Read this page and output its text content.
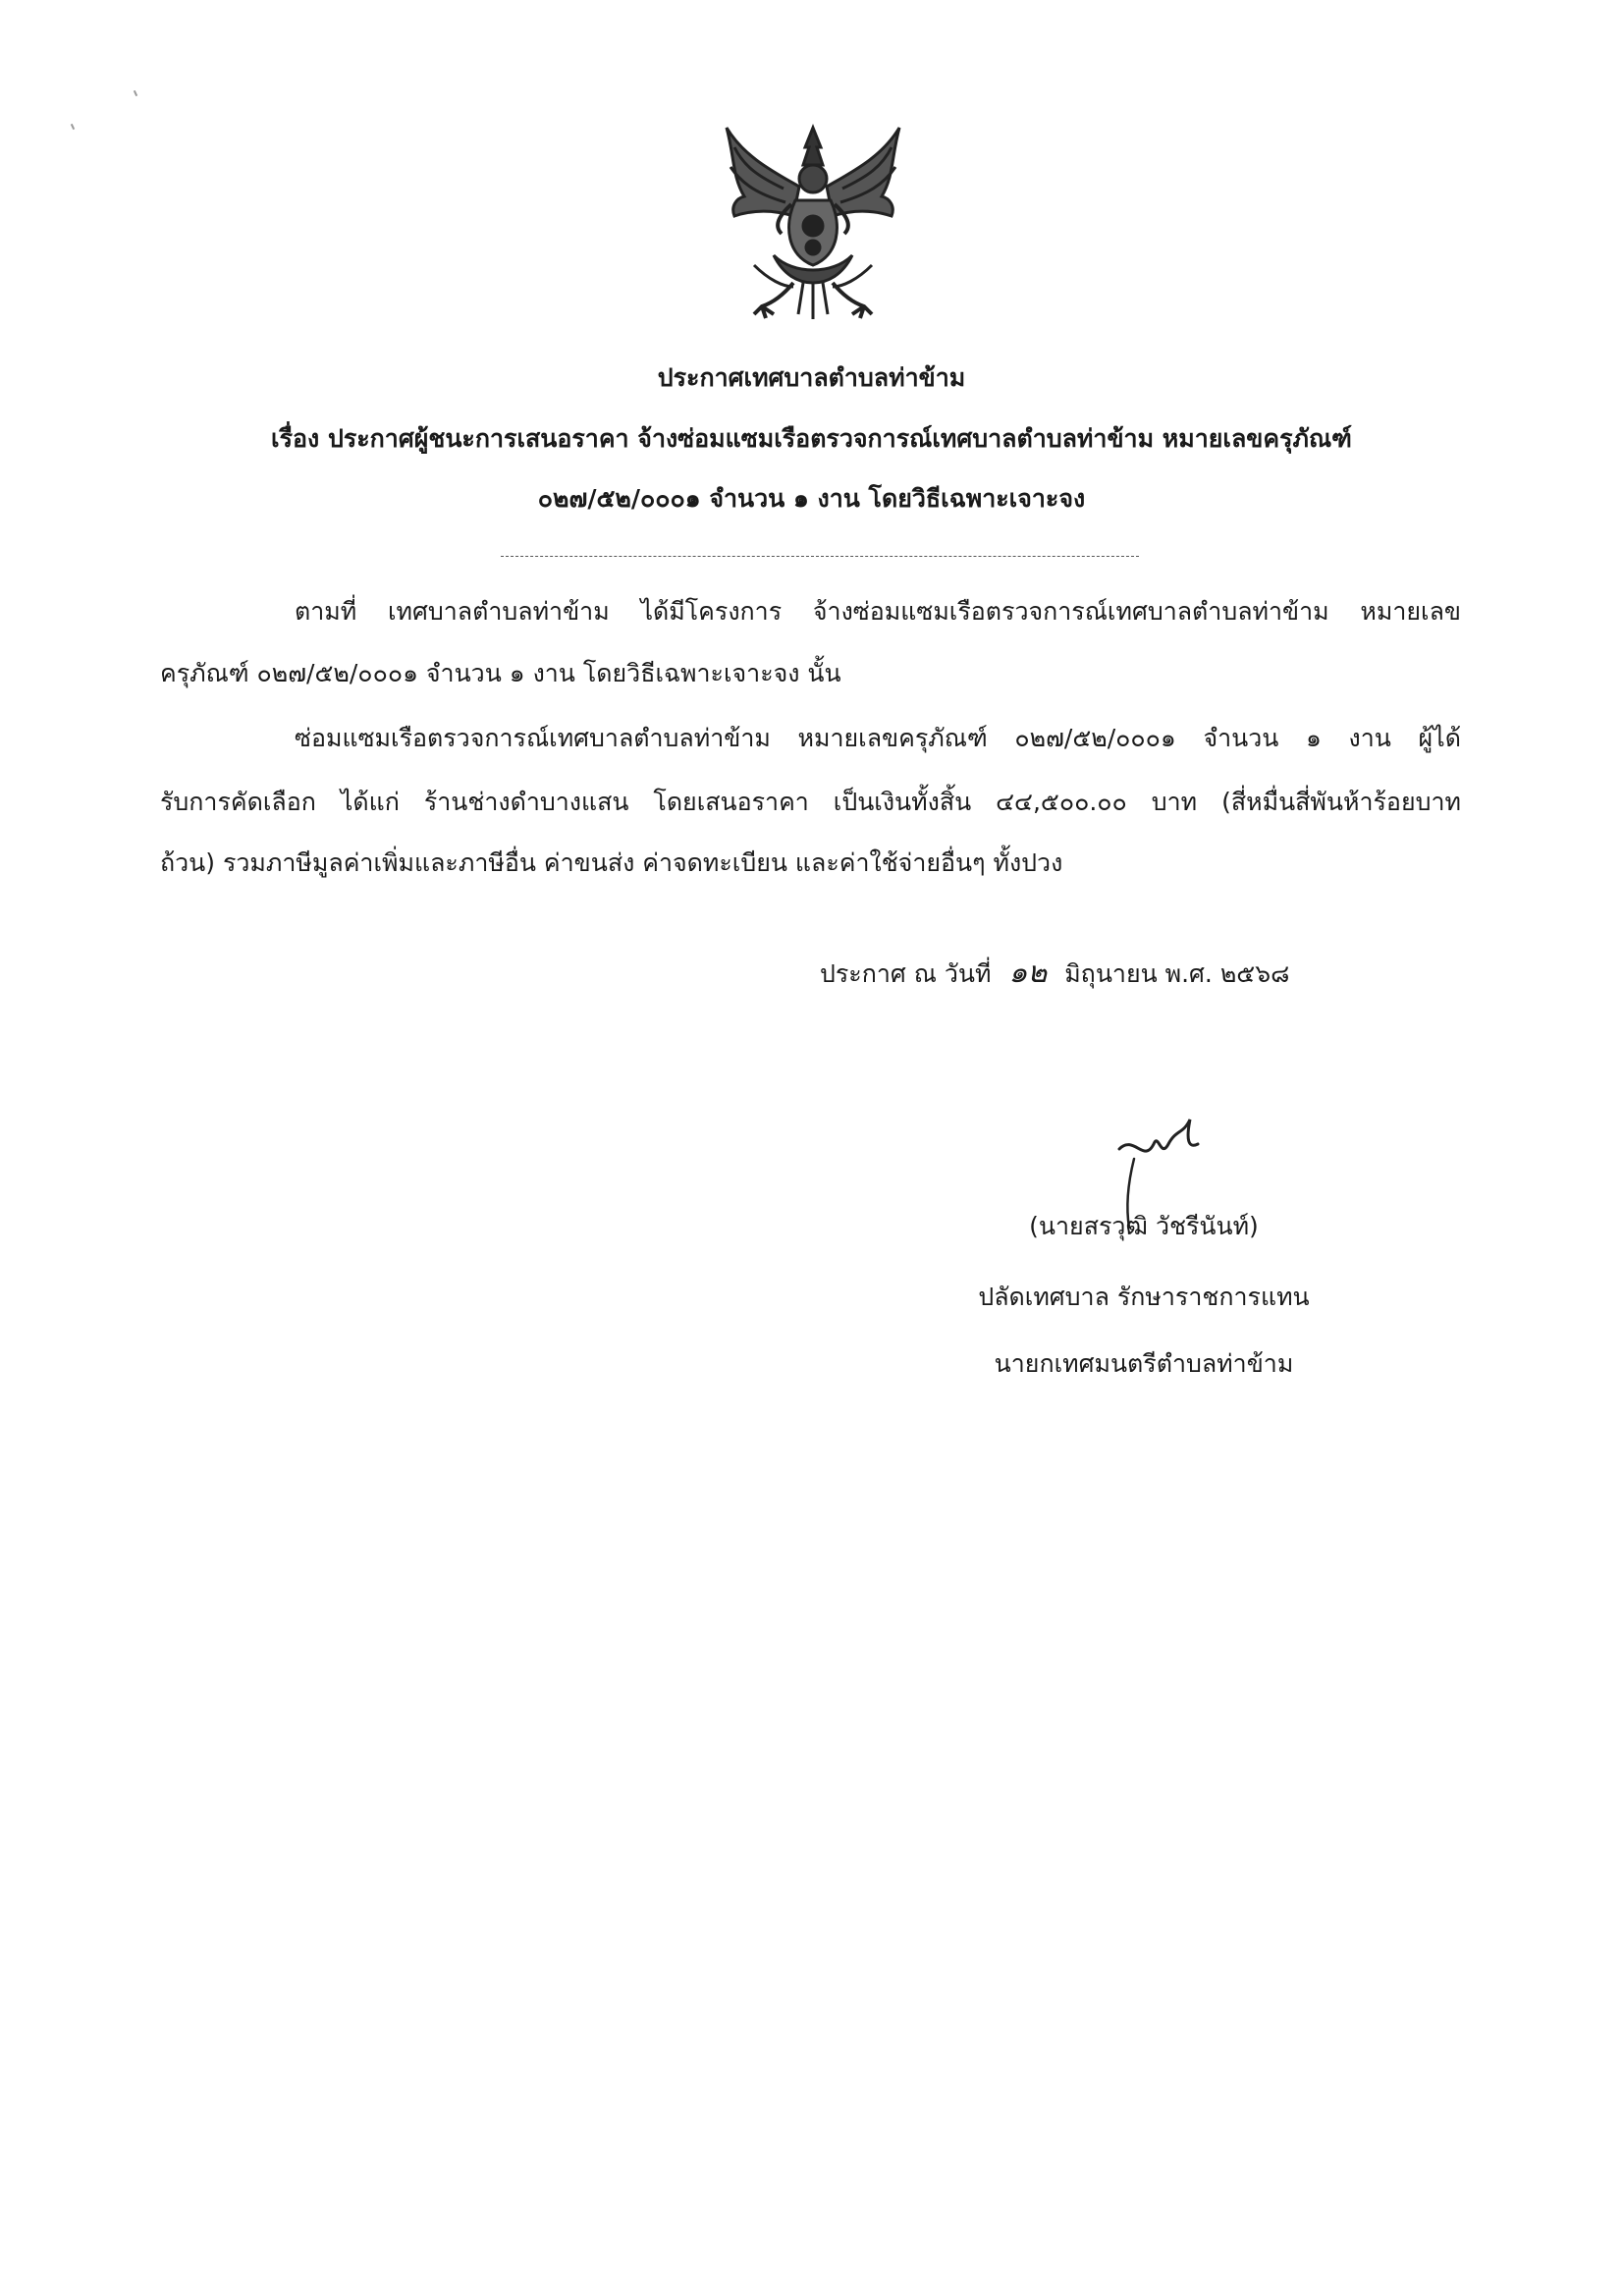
ประกาศเทศบาลตำบลท่าข้าม
เรื่อง ประกาศผู้ชนะการเสนอราคา จ้างซ่อมแซมเรือตรวจการณ์เทศบาลตำบลท่าข้าม หมายเลขครุภัณฑ์
๐๒๗/๕๒/๐๐๐๑ จำนวน ๑ งาน โดยวิธีเฉพาะเจาะจง
ตามที่ เทศบาลตำบลท่าข้าม ได้มีโครงการ จ้างซ่อมแซมเรือตรวจการณ์เทศบาลตำบลท่าข้าม หมายเลข
ครุภัณฑ์ ๐๒๗/๕๒/๐๐๐๑ จำนวน ๑ งาน โดยวิธีเฉพาะเจาะจง นั้น
ซ่อมแซมเรือตรวจการณ์เทศบาลตำบลท่าข้าม หมายเลขครุภัณฑ์ ๐๒๗/๕๒/๐๐๐๑ จำนวน ๑ งาน ผู้ได้
รับการคัดเลือก ได้แก่ ร้านช่างดำบางแสน โดยเสนอราคา เป็นเงินทั้งสิ้น ๔๔,๕๐๐.๐๐ บาท (สี่หมื่นสี่พันห้าร้อยบาท
ถ้วน) รวมภาษีมูลค่าเพิ่มและภาษีอื่น ค่าขนส่ง ค่าจดทะเบียน และค่าใช้จ่ายอื่นๆ ทั้งปวง
ประกาศ ณ วันที่ ๑๒ มิถุนายน พ.ศ. ๒๕๖๘
(นายสรวุฒิ วัชรีนันท์)
ปลัดเทศบาล รักษาราชการแทน
นายกเทศมนตรีตำบลท่าข้าม
